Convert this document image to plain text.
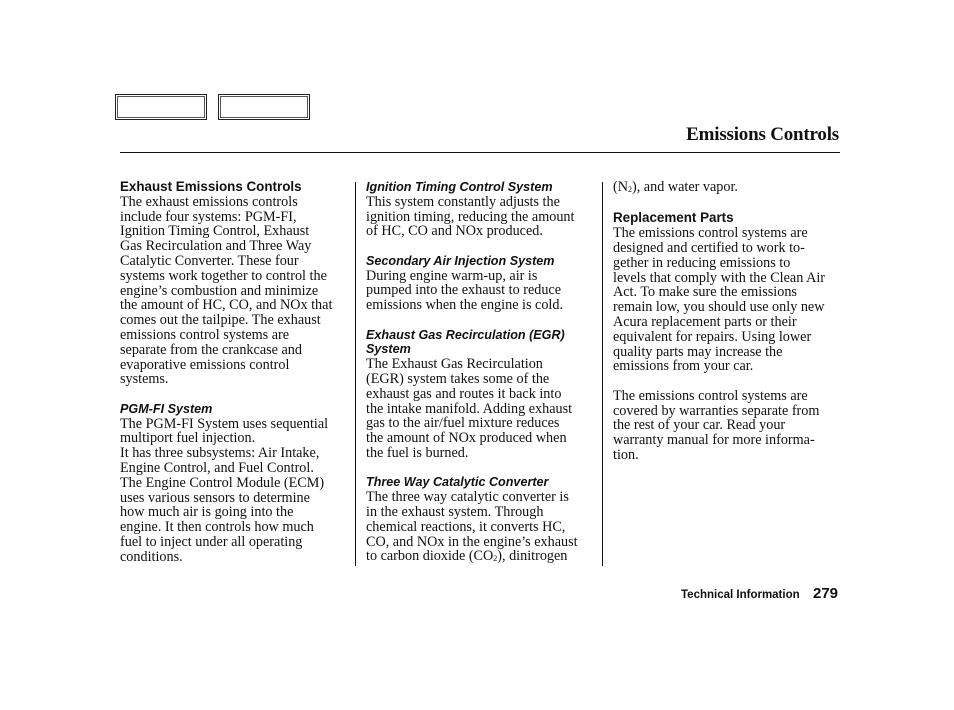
Emissions Controls

Exhaust Emissions Controls

The exhaust emissions controls

include four systems: PGM-FI,

Ignition Timing Control, Exhaust

Gas Recirculation and Three Way

Catalytic Converter. These four

systems work together to control the

engine’s combustion and minimize

the amount of HC, CO, and NOx that

comes out the tailpipe. The exhaust

emissions control systems are

separate from the crankcase and

evaporative emissions control

systems.

PGM-FI System

The PGM-FI System uses sequential

multiport fuel injection.

It has three subsystems: Air Intake,

Engine Control, and Fuel Control.

The Engine Control Module (ECM)

uses various sensors to determine

how much air is going into the

engine. It then controls how much

fuel to inject under all operating

conditions.

Ignition Timing Control System

This system constantly adjusts the

ignition timing, reducing the amount

of HC, CO and NOx produced.

Secondary Air Injection System

During engine warm-up, air is

pumped into the exhaust to reduce

emissions when the engine is cold.

Exhaust Gas Recirculation (EGR)

System

The Exhaust Gas Recirculation

(EGR) system takes some of the

exhaust gas and routes it back into

the intake manifold. Adding exhaust

gas to the air/fuel mixture reduces

the amount of NOx produced when

the fuel is burned.

Three Way Catalytic Converter

The three way catalytic converter is

in the exhaust system. Through

chemical reactions, it converts HC,

CO, and NOx in the engine’s exhaust

to carbon dioxide $(CO_2)$, dinitrogen

$(N_2)$, and water vapor.

Replacement Parts

The emissions control systems are

designed and certified to work to-

gether in reducing emissions to

levels that comply with the Clean Air

Act. To make sure the emissions

remain low, you should use only new

Acura replacement parts or their

equivalent for repairs. Using lower

quality parts may increase the

emissions from your car.

The emissions control systems are

covered by warranties separate from

the rest of your car. Read your

warranty manual for more informa-

tion.

Technical Information 279
